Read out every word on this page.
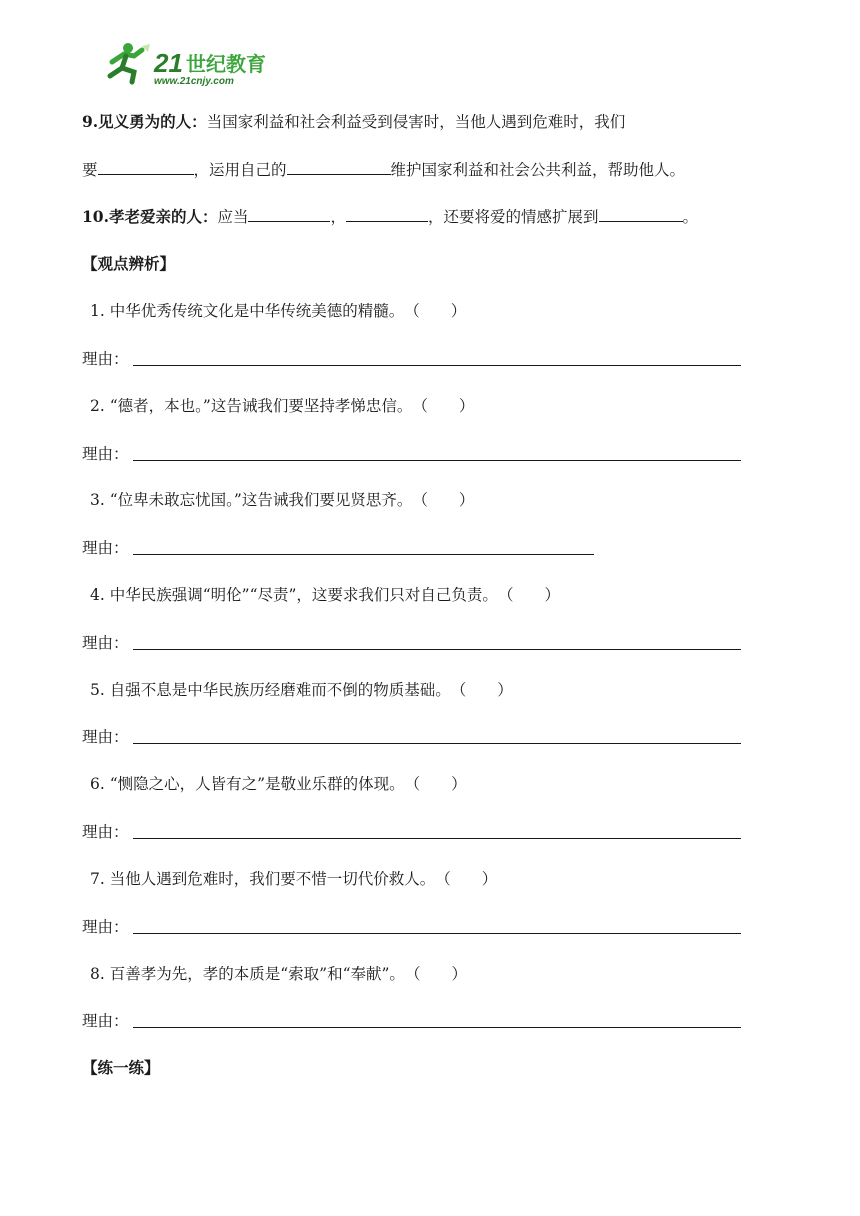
21 世纪教育
www.21cnjy.com
9.见义勇为的人：当国家利益和社会利益受到侵害时，当他人遇到危难时，我们
要	，运用自己的	维护国家利益和社会公共利益，帮助他人。
10.孝老爱亲的人：应当	，	，还要将爱的情感扩展到	。
【观点辨析】
1. 中华优秀传统文化是中华传统美德的精髓。（　　）
理由：
2. “德者，本也。”这告诫我们要坚持孝悌忠信。（　　）
理由：
3. “位卑未敢忘忧国。”这告诫我们要见贤思齐。（　　）
理由：
4. 中华民族强调“明伦”“尽责”，这要求我们只对自己负责。（　　）
理由：
5. 自强不息是中华民族历经磨难而不倒的物质基础。（　　）
理由：
6. “恻隐之心，人皆有之”是敬业乐群的体现。（　　）
理由：
7. 当他人遇到危难时，我们要不惜一切代价救人。（　　）
理由：
8. 百善孝为先，孝的本质是“索取”和“奉献”。（　　）
理由：
【练一练】
